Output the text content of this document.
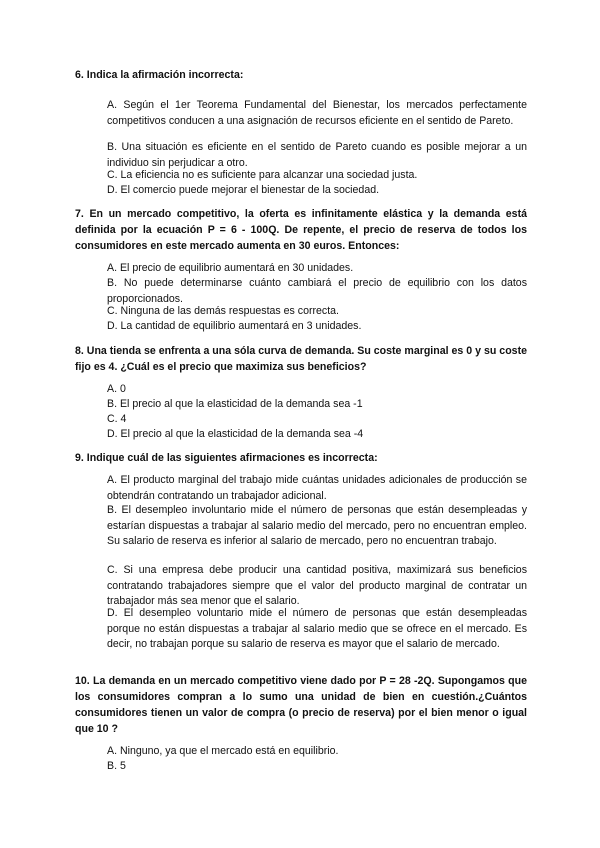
6. Indica la afirmación incorrecta:
A. Según el 1er Teorema Fundamental del Bienestar, los mercados perfectamente competitivos conducen a una asignación de recursos eficiente en el sentido de Pareto.
B. Una situación es eficiente en el sentido de Pareto cuando es posible mejorar a un individuo sin perjudicar a otro.
C. La eficiencia no es suficiente para alcanzar una sociedad justa.
D. El comercio puede mejorar el bienestar de la sociedad.
7. En un mercado competitivo, la oferta es infinitamente elástica y la demanda está definida por la ecuación P = 6 - 100Q. De repente, el precio de reserva de todos los consumidores en este mercado aumenta en 30 euros. Entonces:
A. El precio de equilibrio aumentará en 30 unidades.
B. No puede determinarse cuánto cambiará el precio de equilibrio con los datos proporcionados.
C. Ninguna de las demás respuestas es correcta.
D. La cantidad de equilibrio aumentará en 3 unidades.
8. Una tienda se enfrenta a una sóla curva de demanda. Su coste marginal es 0 y su coste fijo es 4. ¿Cuál es el precio que maximiza sus beneficios?
A. 0
B. El precio al que la elasticidad de la demanda sea -1
C. 4
D. El precio al que la elasticidad de la demanda sea -4
9. Indique cuál de las siguientes afirmaciones es incorrecta:
A. El producto marginal del trabajo mide cuántas unidades adicionales de producción se obtendrán contratando un trabajador adicional.
B. El desempleo involuntario mide el número de personas que están desempleadas y estarían dispuestas a trabajar al salario medio del mercado, pero no encuentran empleo. Su salario de reserva es inferior al salario de mercado, pero no encuentran trabajo.
C. Si una empresa debe producir una cantidad positiva, maximizará sus beneficios contratando trabajadores siempre que el valor del producto marginal de contratar un trabajador más sea menor que el salario.
D. El desempleo voluntario mide el número de personas que están desempleadas porque no están dispuestas a trabajar al salario medio que se ofrece en el mercado. Es decir, no trabajan porque su salario de reserva es mayor que el salario de mercado.
10. La demanda en un mercado competitivo viene dado por P = 28 -2Q. Supongamos que los consumidores compran a lo sumo una unidad de bien en cuestión.¿Cuántos consumidores tienen un valor de compra (o precio de reserva) por el bien menor o igual que 10 ?
A. Ninguno, ya que el mercado está en equilibrio.
B. 5
